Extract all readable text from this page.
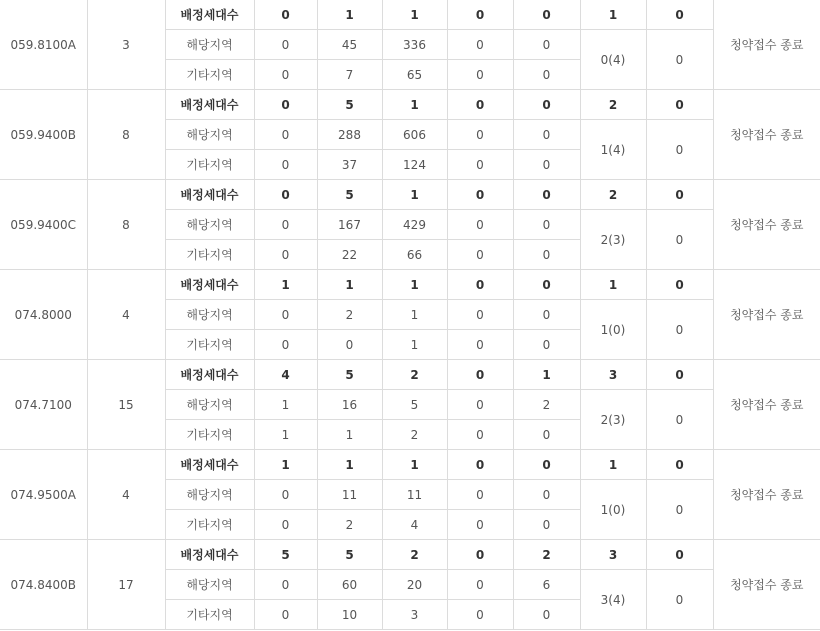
059.8100A	3	배정세대수	0	1	1	0	0	1	0	청약접수 종료
		해당지역	0	45	336	0	0	0(4)	0	
		기타지역	0	7	65	0	0			
059.9400B	8	배정세대수	0	5	1	0	0	2	0	청약접수 종료
		해당지역	0	288	606	0	0	1(4)	0	
		기타지역	0	37	124	0	0			
059.9400C	8	배정세대수	0	5	1	0	0	2	0	청약접수 종료
		해당지역	0	167	429	0	0	2(3)	0	
		기타지역	0	22	66	0	0			
074.8000	4	배정세대수	1	1	1	0	0	1	0	청약접수 종료
		해당지역	0	2	1	0	0	1(0)	0	
		기타지역	0	0	1	0	0			
074.7100	15	배정세대수	4	5	2	0	1	3	0	청약접수 종료
		해당지역	1	16	5	0	2	2(3)	0	
		기타지역	1	1	2	0	0			
074.9500A	4	배정세대수	1	1	1	0	0	1	0	청약접수 종료
		해당지역	0	11	11	0	0	1(0)	0	
		기타지역	0	2	4	0	0			
074.8400B	17	배정세대수	5	5	2	0	2	3	0	청약접수 종료
		해당지역	0	60	20	0	6	3(4)	0	
		기타지역	0	10	3	0	0			
